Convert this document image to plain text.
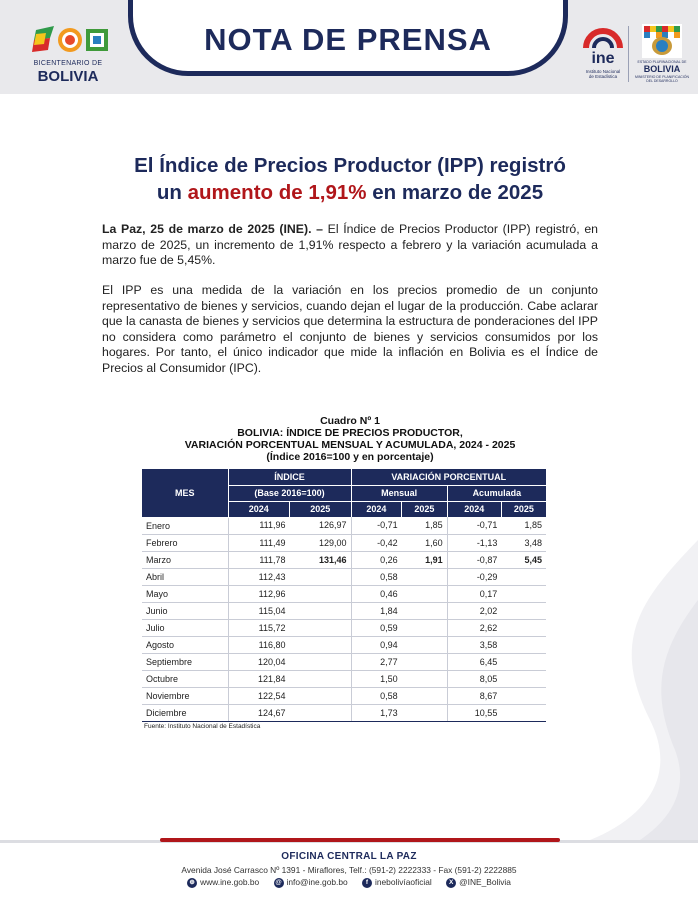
BICENTENARIO DE
BOLIVIA
NOTA DE PRENSA
ine
Instituto Nacional
de Estadística
ESTADO PLURINACIONAL DE
BOLIVIA
MINISTERIO DE PLANIFICACIÓN DEL DESARROLLO
El Índice de Precios Productor (IPP) registró
un aumento de 1,91% en marzo de 2025
La Paz, 25 de marzo de 2025 (INE). – El Índice de Precios Productor (IPP) registró, en marzo de 2025, un incremento de 1,91% respecto a febrero y la variación acumulada a marzo fue de 5,45%.
El IPP es una medida de la variación en los precios promedio de un conjunto representativo de bienes y servicios, cuando dejan el lugar de la producción. Cabe aclarar que la canasta de bienes y servicios que determina la estructura de ponderaciones del IPP no considera como parámetro el conjunto de bienes y servicios consumidos por los hogares. Por tanto, el único indicador que mide la inflación en Bolivia es el Índice de Precios al Consumidor (IPC).
Cuadro Nº 1
BOLIVIA: ÍNDICE DE PRECIOS PRODUCTOR,
VARIACIÓN PORCENTUAL MENSUAL Y ACUMULADA, 2024 - 2025
(Índice 2016=100 y en porcentaje)
MES	ÍNDICE		VARIACIÓN PORCENTUAL			
	(Base 2016=100)		Mensual		Acumulada	
	2024	2025	2024	2025	2024	2025
Enero	111,96	126,97	-0,71	1,85	-0,71	1,85
Febrero	111,49	129,00	-0,42	1,60	-1,13	3,48
Marzo	111,78	131,46	0,26	1,91	-0,87	5,45
Abril	112,43		0,58		-0,29	
Mayo	112,96		0,46		0,17	
Junio	115,04		1,84		2,02	
Julio	115,72		0,59		2,62	
Agosto	116,80		0,94		3,58	
Septiembre	120,04		2,77		6,45	
Octubre	121,84		1,50		8,05	
Noviembre	122,54		0,58		8,67	
Diciembre	124,67		1,73		10,55	
Fuente: Instituto Nacional de Estadística
OFICINA CENTRAL LA PAZ
Avenida José Carrasco Nº 1391 - Miraflores, Telf.: (591-2) 2222333 - Fax (591-2) 2222885
⊕ www.ine.gob.bo @ info@ine.gob.bo	f inebolivíaoficial	X @INE_Bolivia
